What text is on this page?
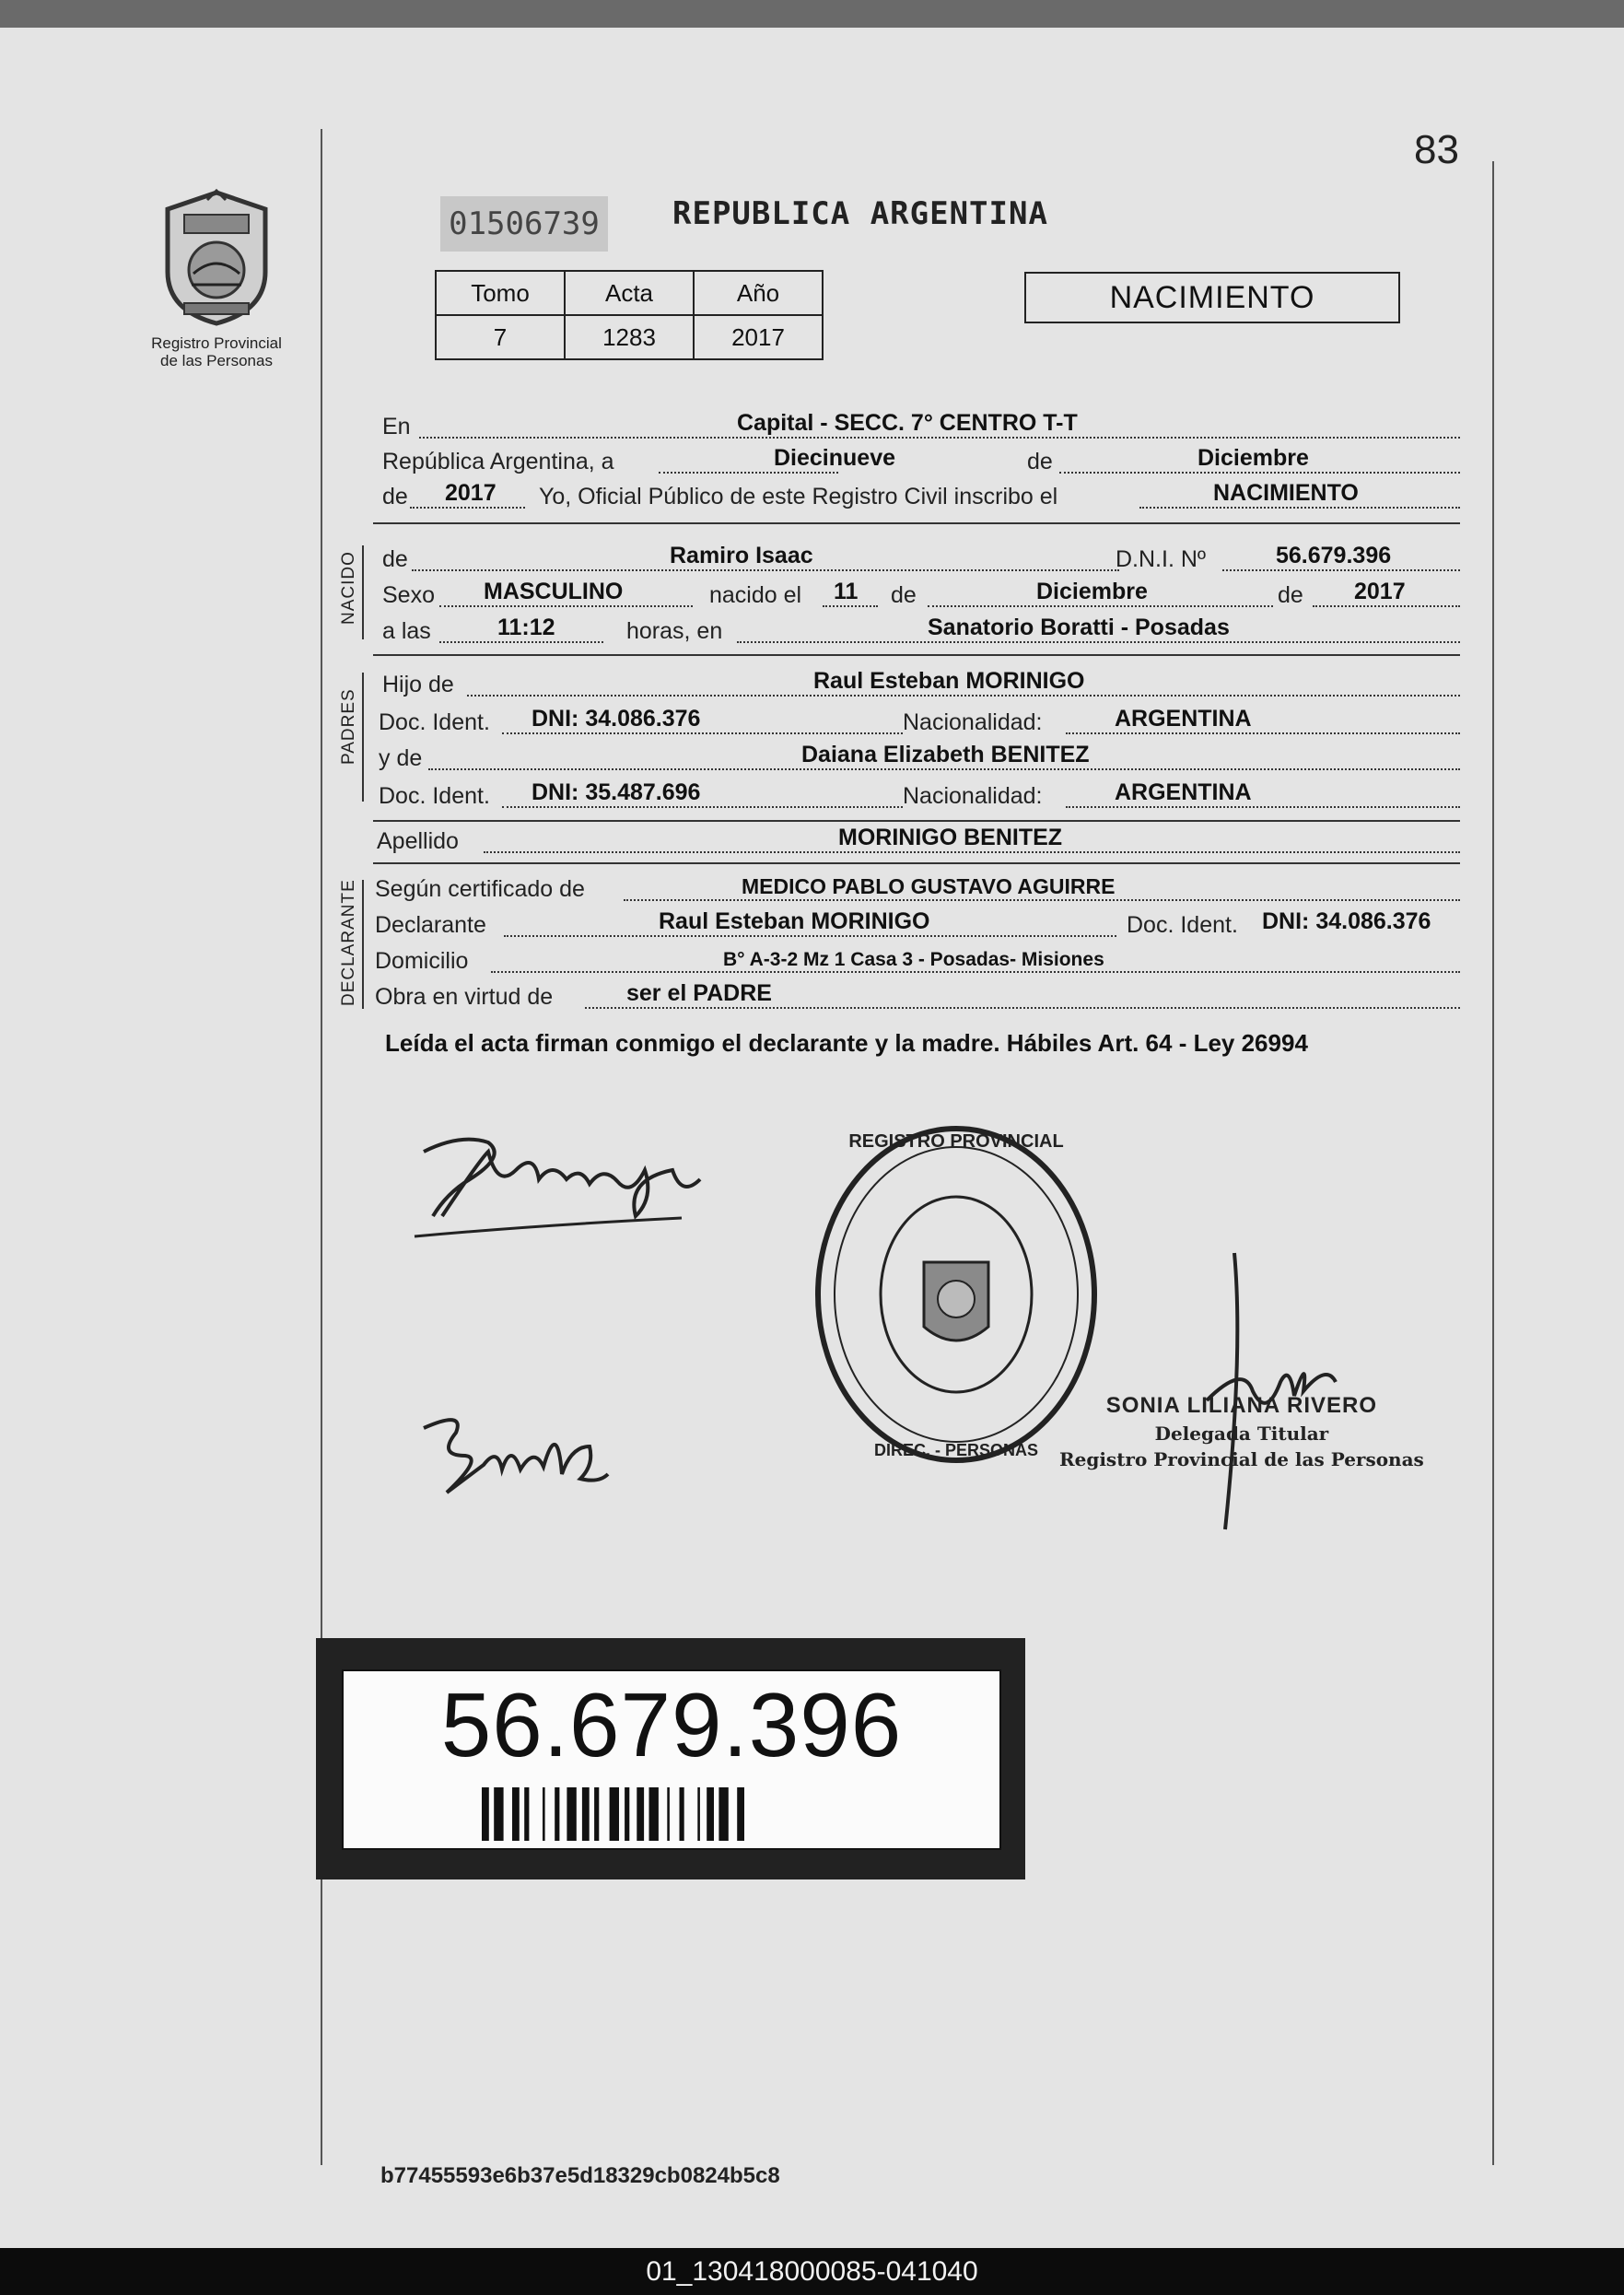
83
Registro Provincial
de las Personas
01506739 REPUBLICA ARGENTINA
Tomo	Acta	Año
7	1283	2017
NACIMIENTO
En	Capital - SECC. 7° CENTRO T-T
República Argentina, a	Diecinueve	de	Diciembre
de 2017 Yo, Oficial Público de este Registro Civil inscribo el	NACIMIENTO
NACIDO de	Ramiro Isaac	D.N.I. Nº	56.679.396
Sexo MASCULINO	nacido el 11 de	Diciembre	de 2017
a las	11:12	horas, en	Sanatorio Boratti - Posadas
PADRES
Hijo de	Raul Esteban MORINIGO
Doc. Ident. DNI: 34.086.376	Nacionalidad:	ARGENTINA
y de	Daiana Elizabeth BENITEZ
Doc. Ident. DNI: 35.487.696	Nacionalidad:	ARGENTINA
Apellido	MORINIGO BENITEZ
DECLARANTE Según certificado de	MEDICO PABLO GUSTAVO AGUIRRE
Declarante	Raul Esteban MORINIGO	Doc. Ident. DNI: 34.086.376
Domicilio	B° A-3-2 Mz 1 Casa 3 - Posadas- Misiones
Obra en virtud de	ser el PADRE
Leída el acta firman conmigo el declarante y la madre. Hábiles Art. 64 - Ley 26994
REGISTRO PROVINCIAL
DIREC. - PERSONAS
SONIA LILIANA RIVERO
Delegada Titular
Registro Provincial de las Personas
56.679.396
b77455593e6b37e5d18329cb0824b5c8
01_130418000085-041040
